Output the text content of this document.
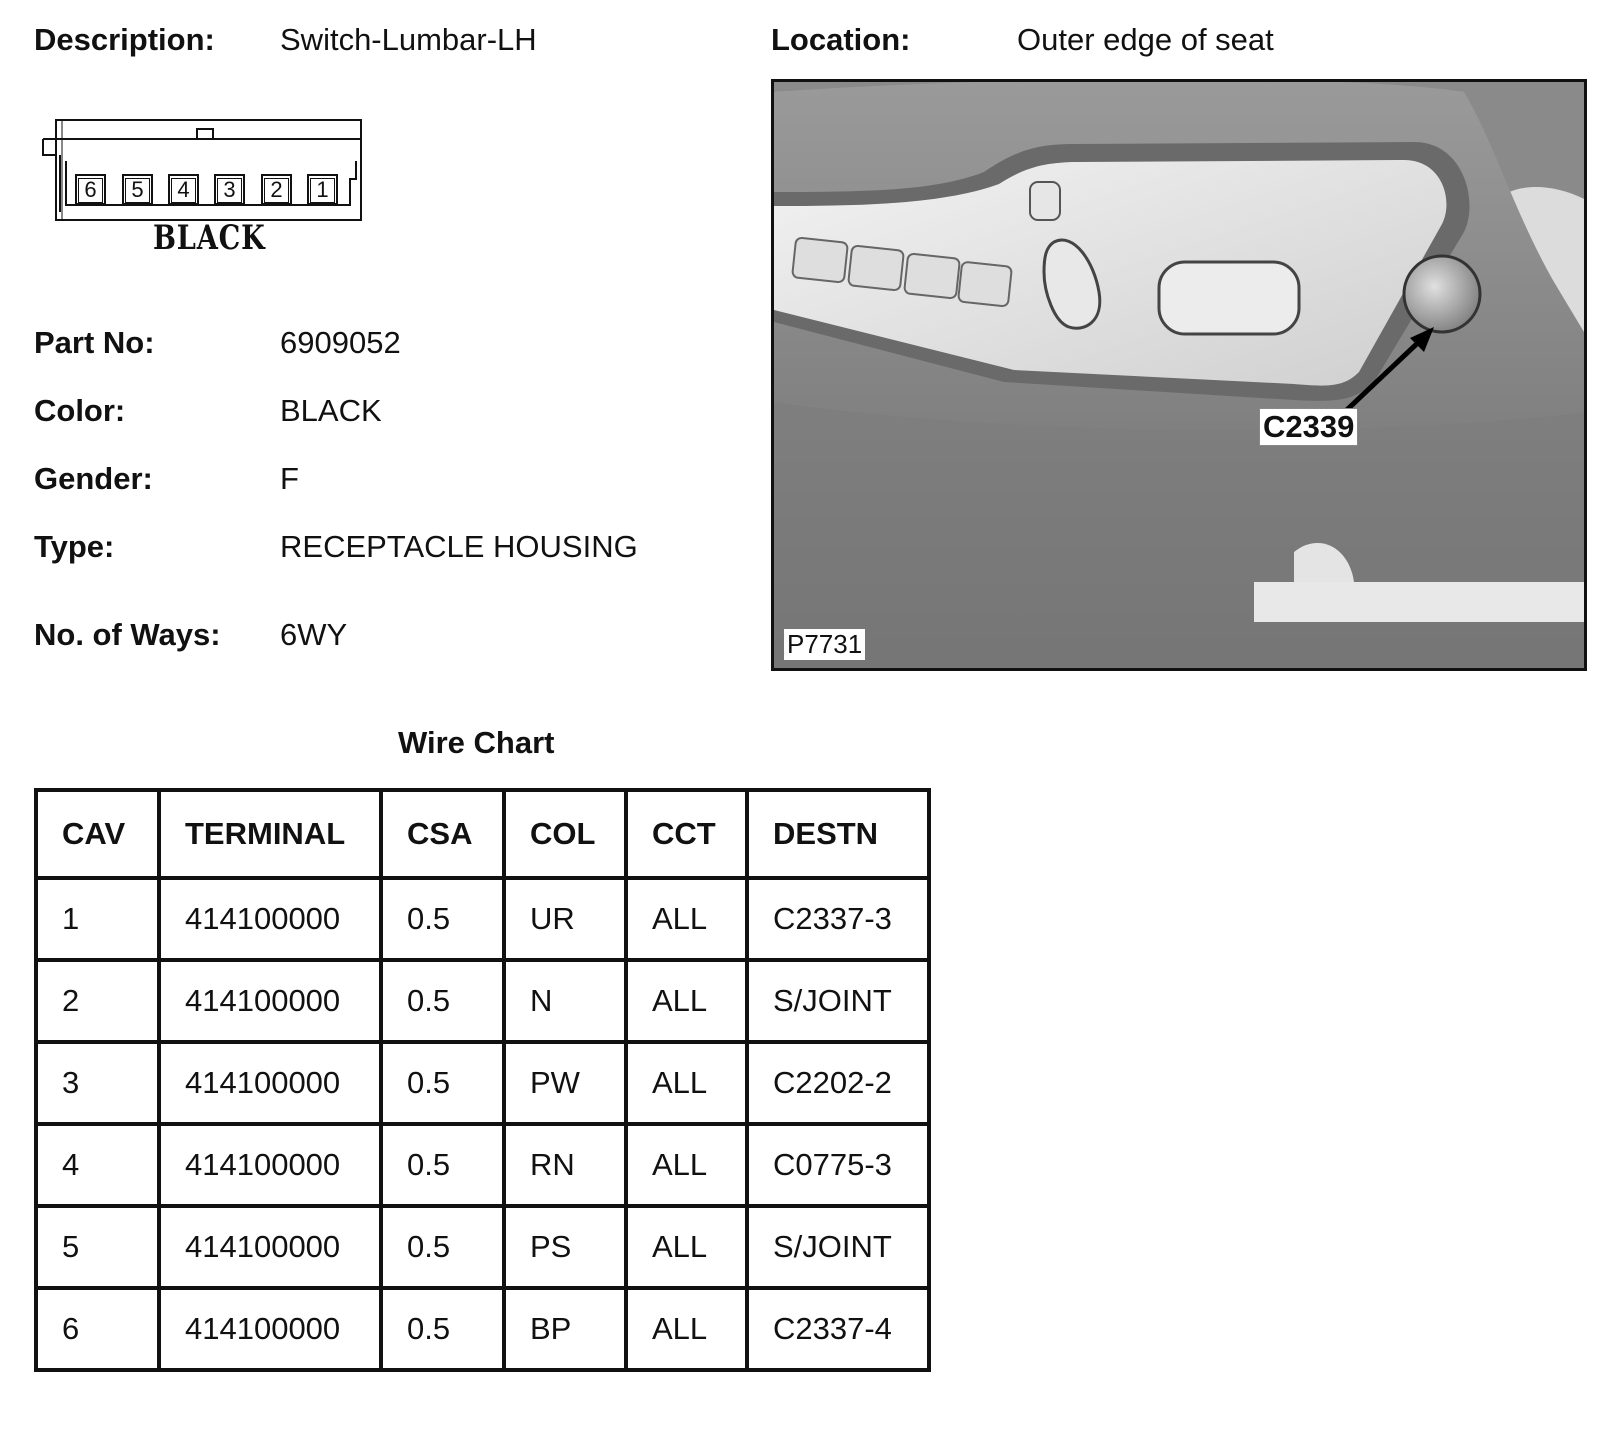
Description: Switch-Lumbar-LH	Location:	Outer edge of seat
6	5	4	3	2	1
BLACK
Part No:	6909052
Color:	BLACK
Gender:	F
Type:	RECEPTACLE HOUSING
No. of Ways: 6WY
C2339
P7731
Wire Chart
CAV	TERMINAL	CSA	COL	CCT	DESTN
1	414100000	0.5	UR	ALL	C2337-3
2	414100000	0.5	N	ALL	S/JOINT
3	414100000	0.5	PW	ALL	C2202-2
4	414100000	0.5	RN	ALL	C0775-3
5	414100000	0.5	PS	ALL	S/JOINT
6	414100000	0.5	BP	ALL	C2337-4
